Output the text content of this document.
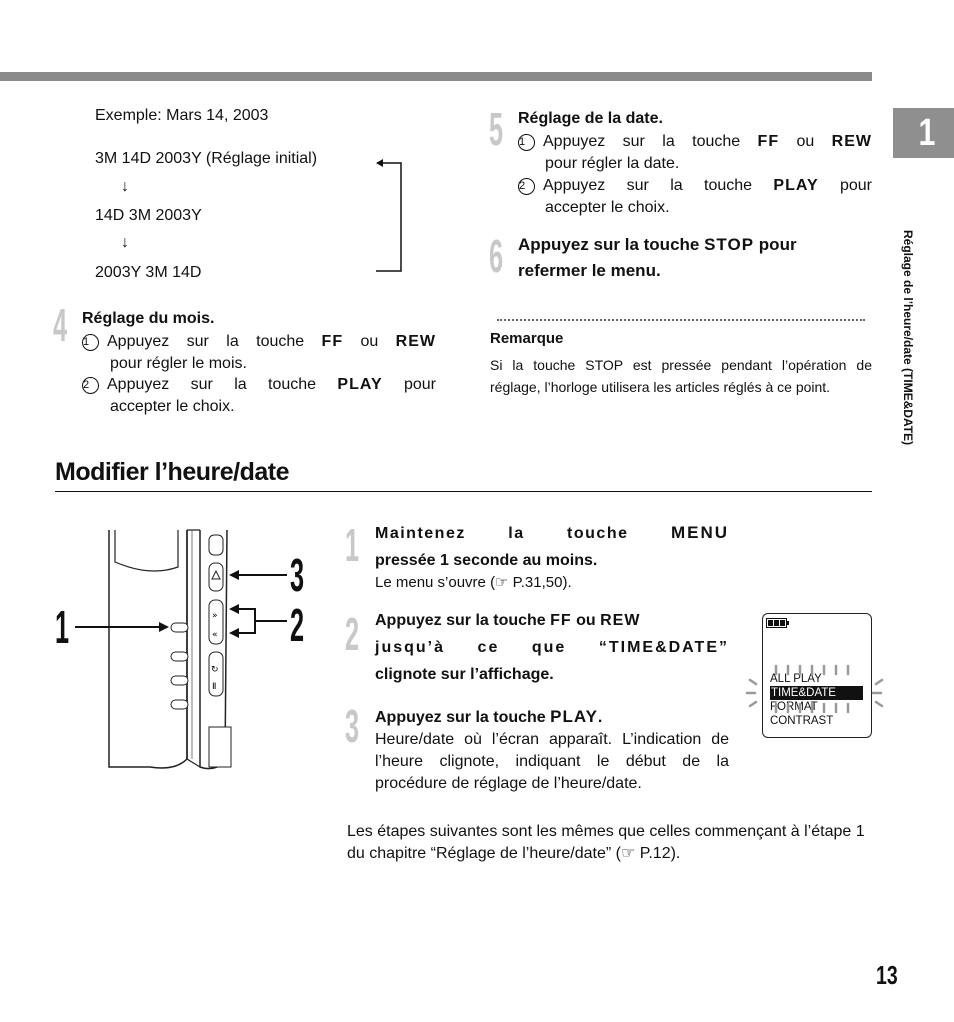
1
Réglage de l’heure/date (TIME&DATE)
Exemple: Mars 14, 2003
3M 14D 2003Y (Réglage initial)
↓
14D 3M 2003Y
↓
2003Y 3M 14D
4 Réglage du mois.
1 Appuyez sur la touche FF ou REW
pour régler le mois.
2 Appuyez sur la touche PLAY pour
accepter le choix.
5 Réglage de la date.
1 Appuyez sur la touche FF ou REW
pour régler la date.
2 Appuyez sur la touche PLAY pour
accepter le choix.
6 Appuyez sur la touche STOP pour
refermer le menu.
Remarque
Si la touche STOP est pressée pendant l’opération de réglage, l’horloge utilisera les articles réglés à ce point.
Modifier l’heure/date
»
«
↻
Ⅱ
1	2
3
1 Maintenez la touche MENU
pressée 1 seconde au moins.
Le menu s’ouvre (☞ P.31,50).
2 Appuyez sur la touche FF ou REW
jusqu’à ce que “TIME&DATE”
clignote sur l’affichage.	ALL PLAY
TIME&DATE
FORMAT
CONTRAST
3 Appuyez sur la touche PLAY.
Heure/date où l’écran apparaît. L’indication de l’heure clignote, indiquant le début de la procédure de réglage de l’heure/date.
Les étapes suivantes sont les mêmes que celles commençant à l’étape 1 du chapitre “Réglage de l’heure/date” (☞ P.12).
13
